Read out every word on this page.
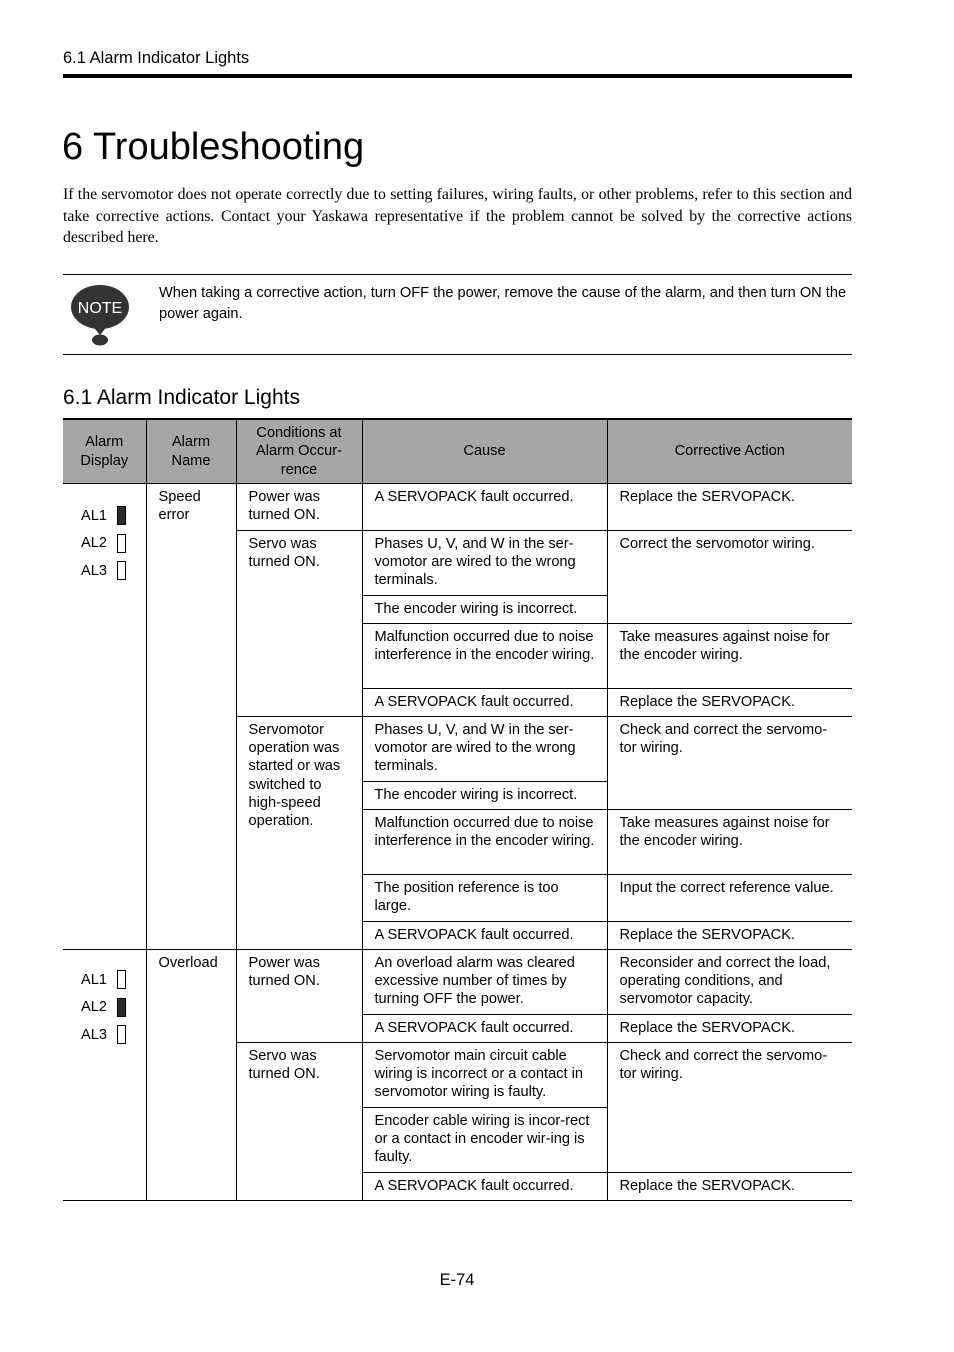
6.1 Alarm Indicator Lights
6 Troubleshooting

If the servomotor does not operate correctly due to setting failures, wiring faults, or other problems, refer to this section and take corrective actions. Contact your Yaskawa representative if the problem cannot be solved by the corrective actions described here.

NOTE
When taking a corrective action, turn OFF the power, remove the cause of the alarm, and then turn ON the power again.
6.1 Alarm Indicator Lights
Alarm Display	Alarm Name	Conditions at Alarm Occur-rence	Cause	Corrective Action

AL1
AL2
AL3	Speed error	Power was turned ON.	A SERVOPACK fault occurred.	Replace the SERVOPACK.
		Servo was turned ON.	Phases U, V, and W in the ser-vomotor are wired to the wrong terminals.	Correct the servomotor wiring.
			The encoder wiring is incorrect.	
			Malfunction occurred due to noise interference in the encoder wiring.	Take measures against noise for the encoder wiring.
			A SERVOPACK fault occurred.	Replace the SERVOPACK.
		Servomotor operation was started or was switched to high-speed operation.	Phases U, V, and W in the ser-vomotor are wired to the wrong terminals.	Check and correct the servomo-tor wiring.
			The encoder wiring is incorrect.	
			Malfunction occurred due to noise interference in the encoder wiring.	Take measures against noise for the encoder wiring.
			The position reference is too large.	Input the correct reference value.
			A SERVOPACK fault occurred.	Replace the SERVOPACK.

AL1
AL2
AL3	Overload	Power was turned ON.	An overload alarm was cleared excessive number of times by turning OFF the power.	Reconsider and correct the load, operating conditions, and servomotor capacity.
			A SERVOPACK fault occurred.	Replace the SERVOPACK.
		Servo was turned ON.	Servomotor main circuit cable wiring is incorrect or a contact in servomotor wiring is faulty.	Check and correct the servomo-tor wiring.
			Encoder cable wiring is incor-rect or a contact in encoder wir-ing is faulty.	
			A SERVOPACK fault occurred.	Replace the SERVOPACK.
E-74
